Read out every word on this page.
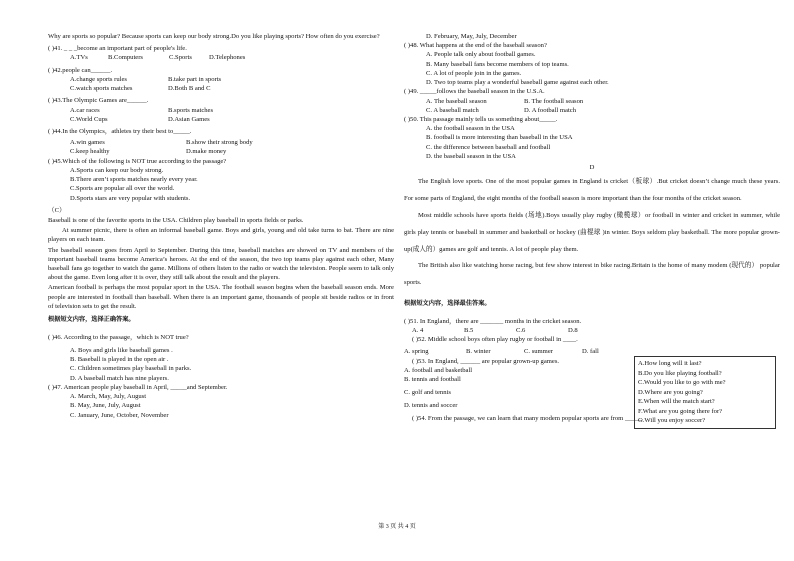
Why are sports so popular? Because sports can keep our body strong.Do you like playing sports? How often do you exercise?

( )41. _ _ _become an important part of people's life.

A.TVs	B.Computers	C.Sports	D.Telephones

( )42.people can______.

A.change sports rules	B.take part in sports
C.watch sports matches	D.Both B and C

( )43.The Olympic Games are______.

A.car races	B.sports matches
C.World Cups	D.Asian Games

( )44.In the Olympics，athletes try their best to_____.

A.win games	B.show their strong body
C.keep healthy	D.make money

( )45.Which of the following is NOT true according to the passage?

A.Sports can keep our body strong.

B.There aren’t sports matches nearly every year.

C.Sports are popular all over the world.

D.Sports stars are very popular with students.

（C）

Baseball is one of the favorite sports in the USA. Children play baseball in sports fields or parks.

At summer picnic, there is often an informal baseball game. Boys and girls, young and old take turns to bat. There are nine players on each team.

The baseball season goes from April to September. During this time, baseball matches are showed on TV and members of the important baseball teams become America’s heroes. At the end of the season, the two top teams play against each other, Many baseball fans go together to watch the game. Millions of others listen to the radio or watch the television. People seem to talk only about the game. Even long after it is over, they still talk about the result and the players.

American football is perhaps the most popular sport in the USA. The football season begins when the baseball season ends. More people are interested in football than baseball. When there is an important game, thousands of people sit beside radios or in front of television sets to get the result.

根据短文内容，选择正确答案。

( )46. According to the passage，which is NOT true?

A. Boys and girls like baseball games .

B. Baseball is played in the open air .

C. Children sometimes play baseball in parks.

D. A baseball match has nine players.

( )47. American people play baseball in April, _____and September.

A. March, May, July, August

B. May, June, July, August

C. January, June, October, November

D. February, May, July, December

( )48. What happens at the end of the baseball season?

A. People talk only about football games.

B. Many baseball fans become members of top teams.

C. A lot of people join in the games.

D. Two top teams play a wonderful baseball game against each other.

( )49. _____follows the baseball season in the U.S.A.

A. The baseball season	B. The football season
C. A baseball match	D. A football match

( )50. This passage mainly tells us something about_____.

A. the football season in the USA

B. football is more interesting than baseball in the USA

C. the difference between baseball and football

D. the baseball season in the USA

D

The English love sports. One of the most popular games in England is cricket（板球）.But cricket doesn’t change much these years. For some parts of England, the eight months of the football season is more important than the four months of the cricket season.

Most middle schools have sports fields (场地).Boys usually play rugby (橄榄球）or football in winter and cricket in summer, while girls play tennis or baseball in summer and basketball or hockey (曲棍球 )in winter. Boys seldom play basketball. The more popular grown-up(成人的）games are golf and tennis. A lot of people play them.

The British also like watching horse racing, but few show interest in bike racing.Britain is the home of many modem (现代的） popular sports.

根据短文内容，选择最佳答案。

( )51. In England，there are _______ months in the cricket season.

A. 4	B.5	C.6	D.8

( )52. Middle school boys often play rugby or football in ____.

A. spring	B. winter	C. summer	D. fall

( )53. In England, ______ are popular grown-up games.

A. football and basketball

B. tennis and football

C. golf and tennis

D. tennis and soccer

( )54. From the passage, we can learn that many modem popular sports are from _____.

A.How long will it last?

B.Do you like playing football?

C.Would you like to go with me?

D.Where are you going?

E.When will the match start?

F.What are you going there for?

G.Will you enjoy soccer?

第 3 页 共 4 页
